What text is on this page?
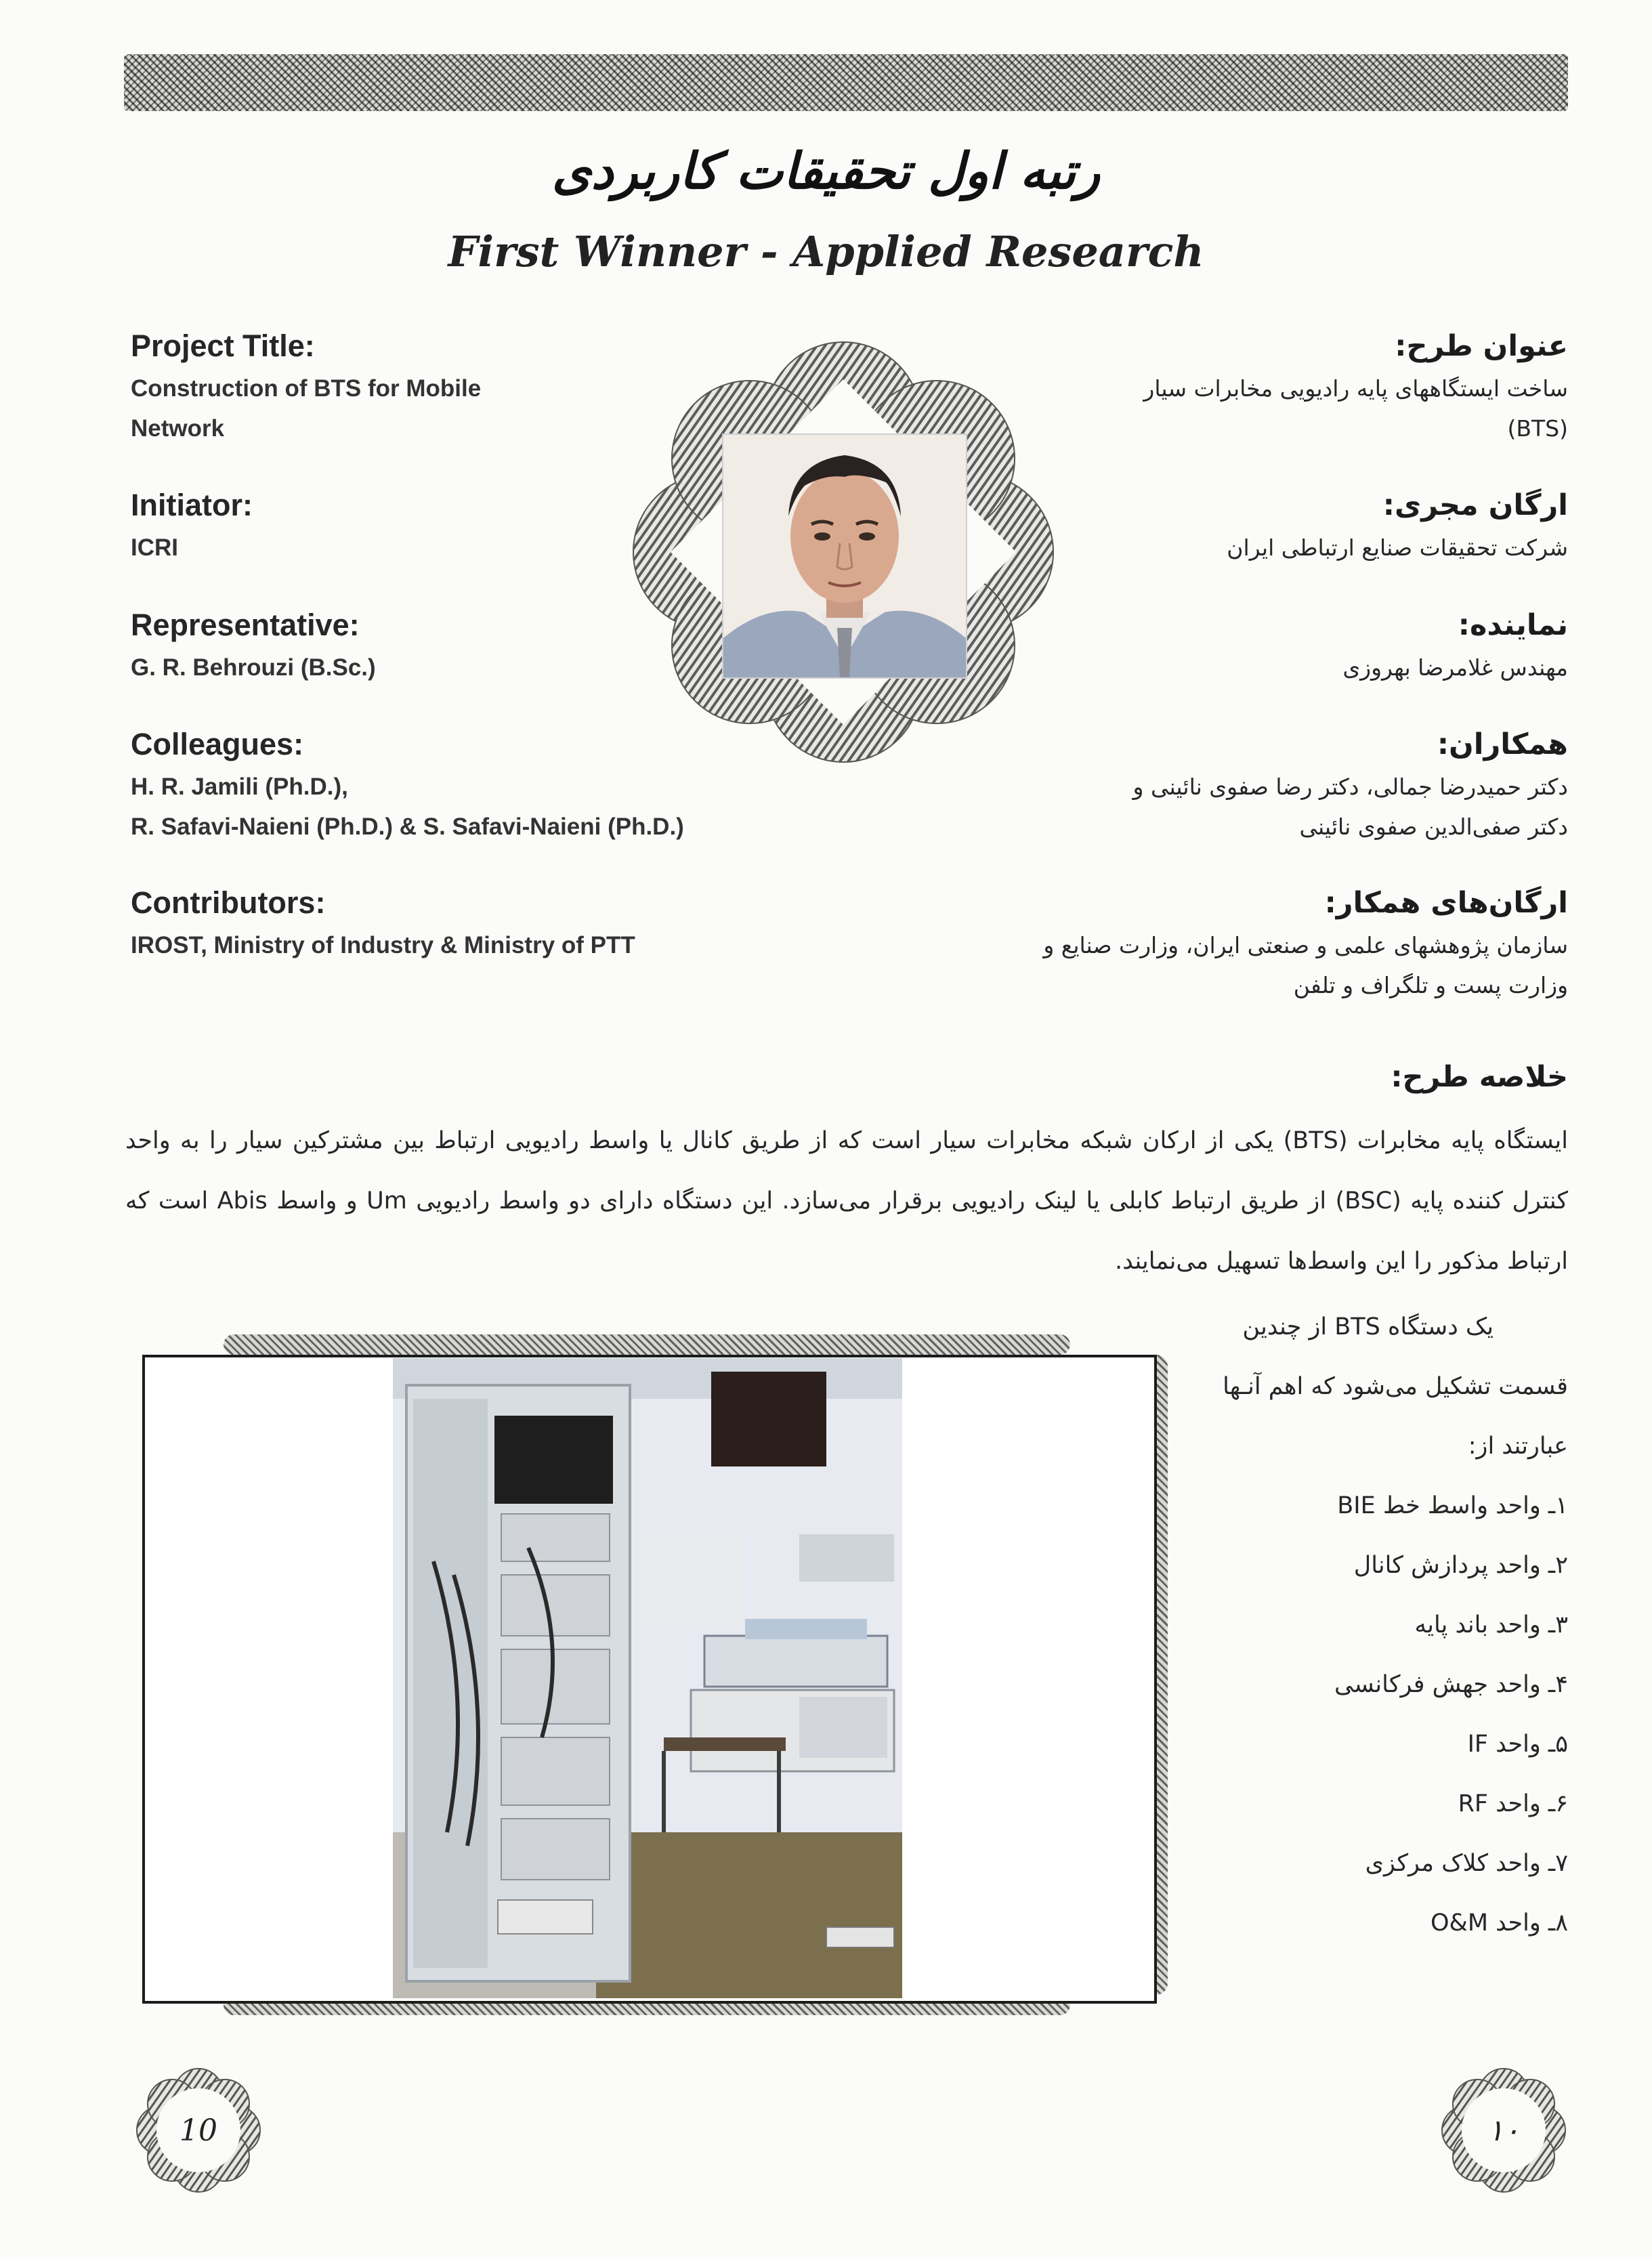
رتبه اول تحقیقات کاربردی
First Winner - Applied Research
Project Title:
Construction of BTS for Mobile
Network
Initiator:
ICRI
Representative:
G. R. Behrouzi (B.Sc.)
Colleagues:
H. R. Jamili (Ph.D.),
R. Safavi-Naieni (Ph.D.) & S. Safavi-Naieni (Ph.D.)
Contributors:
IROST, Ministry of Industry & Ministry of PTT
عنوان طرح:
ساخت ایستگاههای پایه رادیویی مخابرات سیار
(BTS)
ارگان مجری:
شرکت تحقیقات صنایع ارتباطی ایران
نماینده:
مهندس غلامرضا بهروزی
همکاران:
دکتر حمیدرضا جمالی، دکتر رضا صفوی نائینی و
دکتر صفی‌الدین صفوی نائینی
ارگان‌های همکار:
سازمان پژوهشهای علمی و صنعتی ایران، وزارت صنایع و
وزارت پست و تلگراف و تلفن
خلاصه طرح:
ایستگاه پایه مخابرات (BTS) یکی از ارکان شبکه مخابرات سیار است که از طریق کانال یا واسط رادیویی ارتباط بین مشترکین سیار را به واحد کنترل کننده پایه (BSC) از طریق ارتباط کابلی یا لینک رادیویی برقرار می‌سازد. این دستگاه دارای دو واسط رادیویی Um و واسط Abis است که ارتباط مذکور را این واسط‌ها تسهیل می‌نمایند.
یک دستگاه BTS از چندین
قسمت تشکیل می‌شود که اهم آنـها
عبارتند از:
۱ـ واحد واسط خط BIE
۲ـ واحد پردازش کانال
۳ـ واحد باند پایه
۴ـ واحد جهش فرکانسی
۵ـ واحد IF
۶ـ واحد RF
۷ـ واحد کلاک مرکزی
۸ـ واحد O&M
10	۱۰
